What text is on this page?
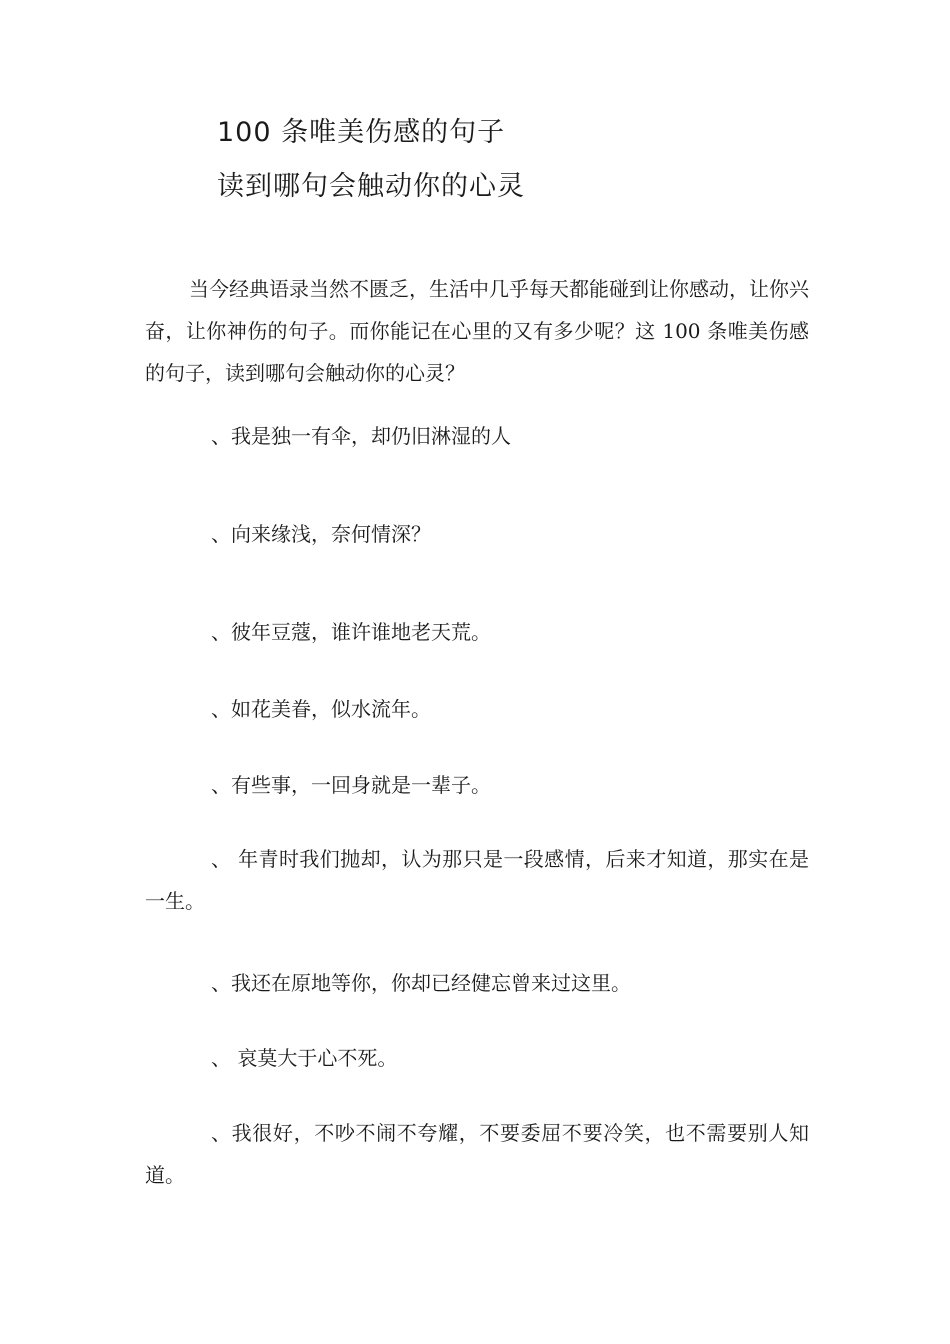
100 条唯美伤感的句子
读到哪句会触动你的心灵

当今经典语录当然不匮乏，生活中几乎每天都能碰到让你感动，让你兴奋，让你神伤的句子。而你能记在心里的又有多少呢？这 100 条唯美伤感的句子，读到哪句会触动你的心灵？

、我是独一有伞，却仍旧淋湿的人

、向来缘浅，奈何情深？

、彼年豆蔻，谁许谁地老天荒。

、如花美眷，似水流年。

、有些事，一回身就是一辈子。

、 年青时我们抛却，认为那只是一段感情，后来才知道，那实在是 一生。

、我还在原地等你，你却已经健忘曾来过这里。

、 哀莫大于心不死。

、我很好，不吵不闹不夸耀，不要委屈不要冷笑，也不需要别人知道。
